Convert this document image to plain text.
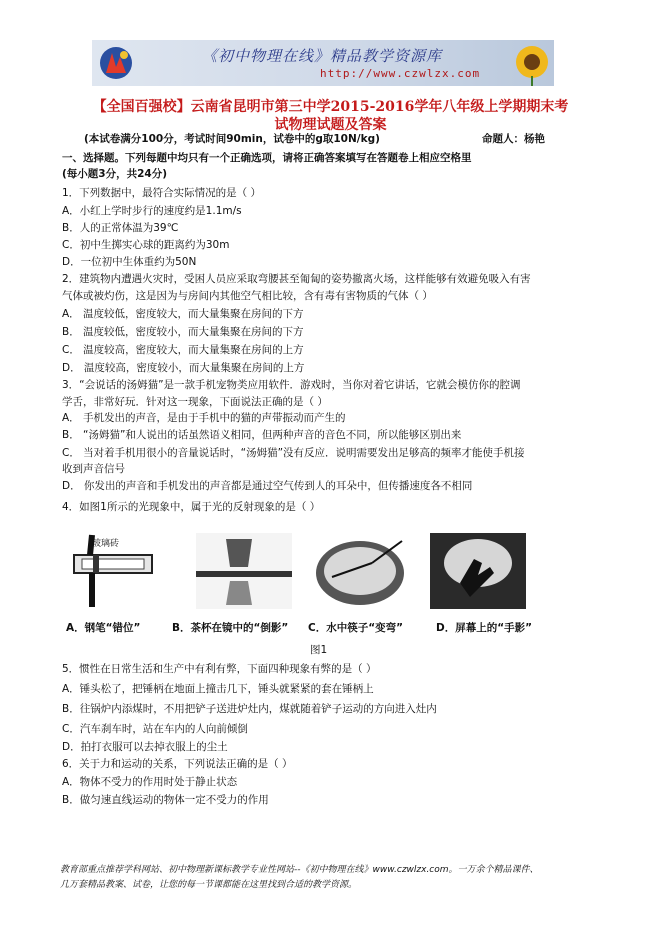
《初中物理在线》精品教学资源库
http://www.czwlzx.com
【全国百强校】云南省昆明市第三中学2015-2016学年八年级上学期期末考
试物理试题及答案
(本试卷满分100分，考试时间90min，试卷中的g取10N/kg)	命题人：杨艳
一、选择题。下列每题中均只有一个正确选项，请将正确答案填写在答题卷上相应空格里
(每小题3分，共24分)
1．下列数据中，最符合实际情况的是（ ）
A．小红上学时步行的速度约是1.1m/s
B．人的正常体温为39℃
C．初中生掷实心球的距离约为30m
D．一位初中生体重约为50N
2．建筑物内遭遇火灾时，受困人员应采取弯腰甚至匍匐的姿势撤离火场，这样能够有效避免吸入有害
气体或被灼伤，这是因为与房间内其他空气相比较，含有毒有害物质的气体（ ）
A． 温度较低，密度较大，而大量集聚在房间的下方
B． 温度较低，密度较小，而大量集聚在房间的下方
C． 温度较高，密度较大，而大量集聚在房间的上方
D． 温度较高，密度较小，而大量集聚在房间的上方
3．“会说话的汤姆猫”是一款手机宠物类应用软件．游戏时，当你对着它讲话，它就会模仿你的腔调
学舌，非常好玩．针对这一现象，下面说法正确的是（ ）
A． 手机发出的声音，是由于手机中的猫的声带振动而产生的
B． “汤姆猫”和人说出的话虽然语义相同，但两种声音的音色不同，所以能够区别出来
C． 当对着手机用很小的音量说话时，“汤姆猫”没有反应．说明需要发出足够高的频率才能使手机接
收到声音信号
D． 你发出的声音和手机发出的声音都是通过空气传到人的耳朵中，但传播速度各不相同
4．如图1所示的光现象中，属于光的反射现象的是（ ）
玻璃砖
A．钢笔“错位”	B．茶杯在镜中的“倒影” C．水中筷子“变弯”	D．屏幕上的“手影”
图1
5．惯性在日常生活和生产中有利有弊，下面四种现象有弊的是（ ）
A．锤头松了，把锤柄在地面上撞击几下，锤头就紧紧的套在锤柄上
B．往锅炉内添煤时，不用把铲子送进炉灶内，煤就随着铲子运动的方向进入灶内
C．汽车刹车时，站在车内的人向前倾倒
D．拍打衣服可以去掉衣服上的尘土
6．关于力和运动的关系，下列说法正确的是（ ）
A．物体不受力的作用时处于静止状态
B．做匀速直线运动的物体一定不受力的作用
教育部重点推荐学科网站、初中物理新课标教学专业性网站--《初中物理在线》www.czwlzx.com。一万余个精品课件、
几万套精品教案、试卷，让您的每一节课都能在这里找到合适的教学资源。
